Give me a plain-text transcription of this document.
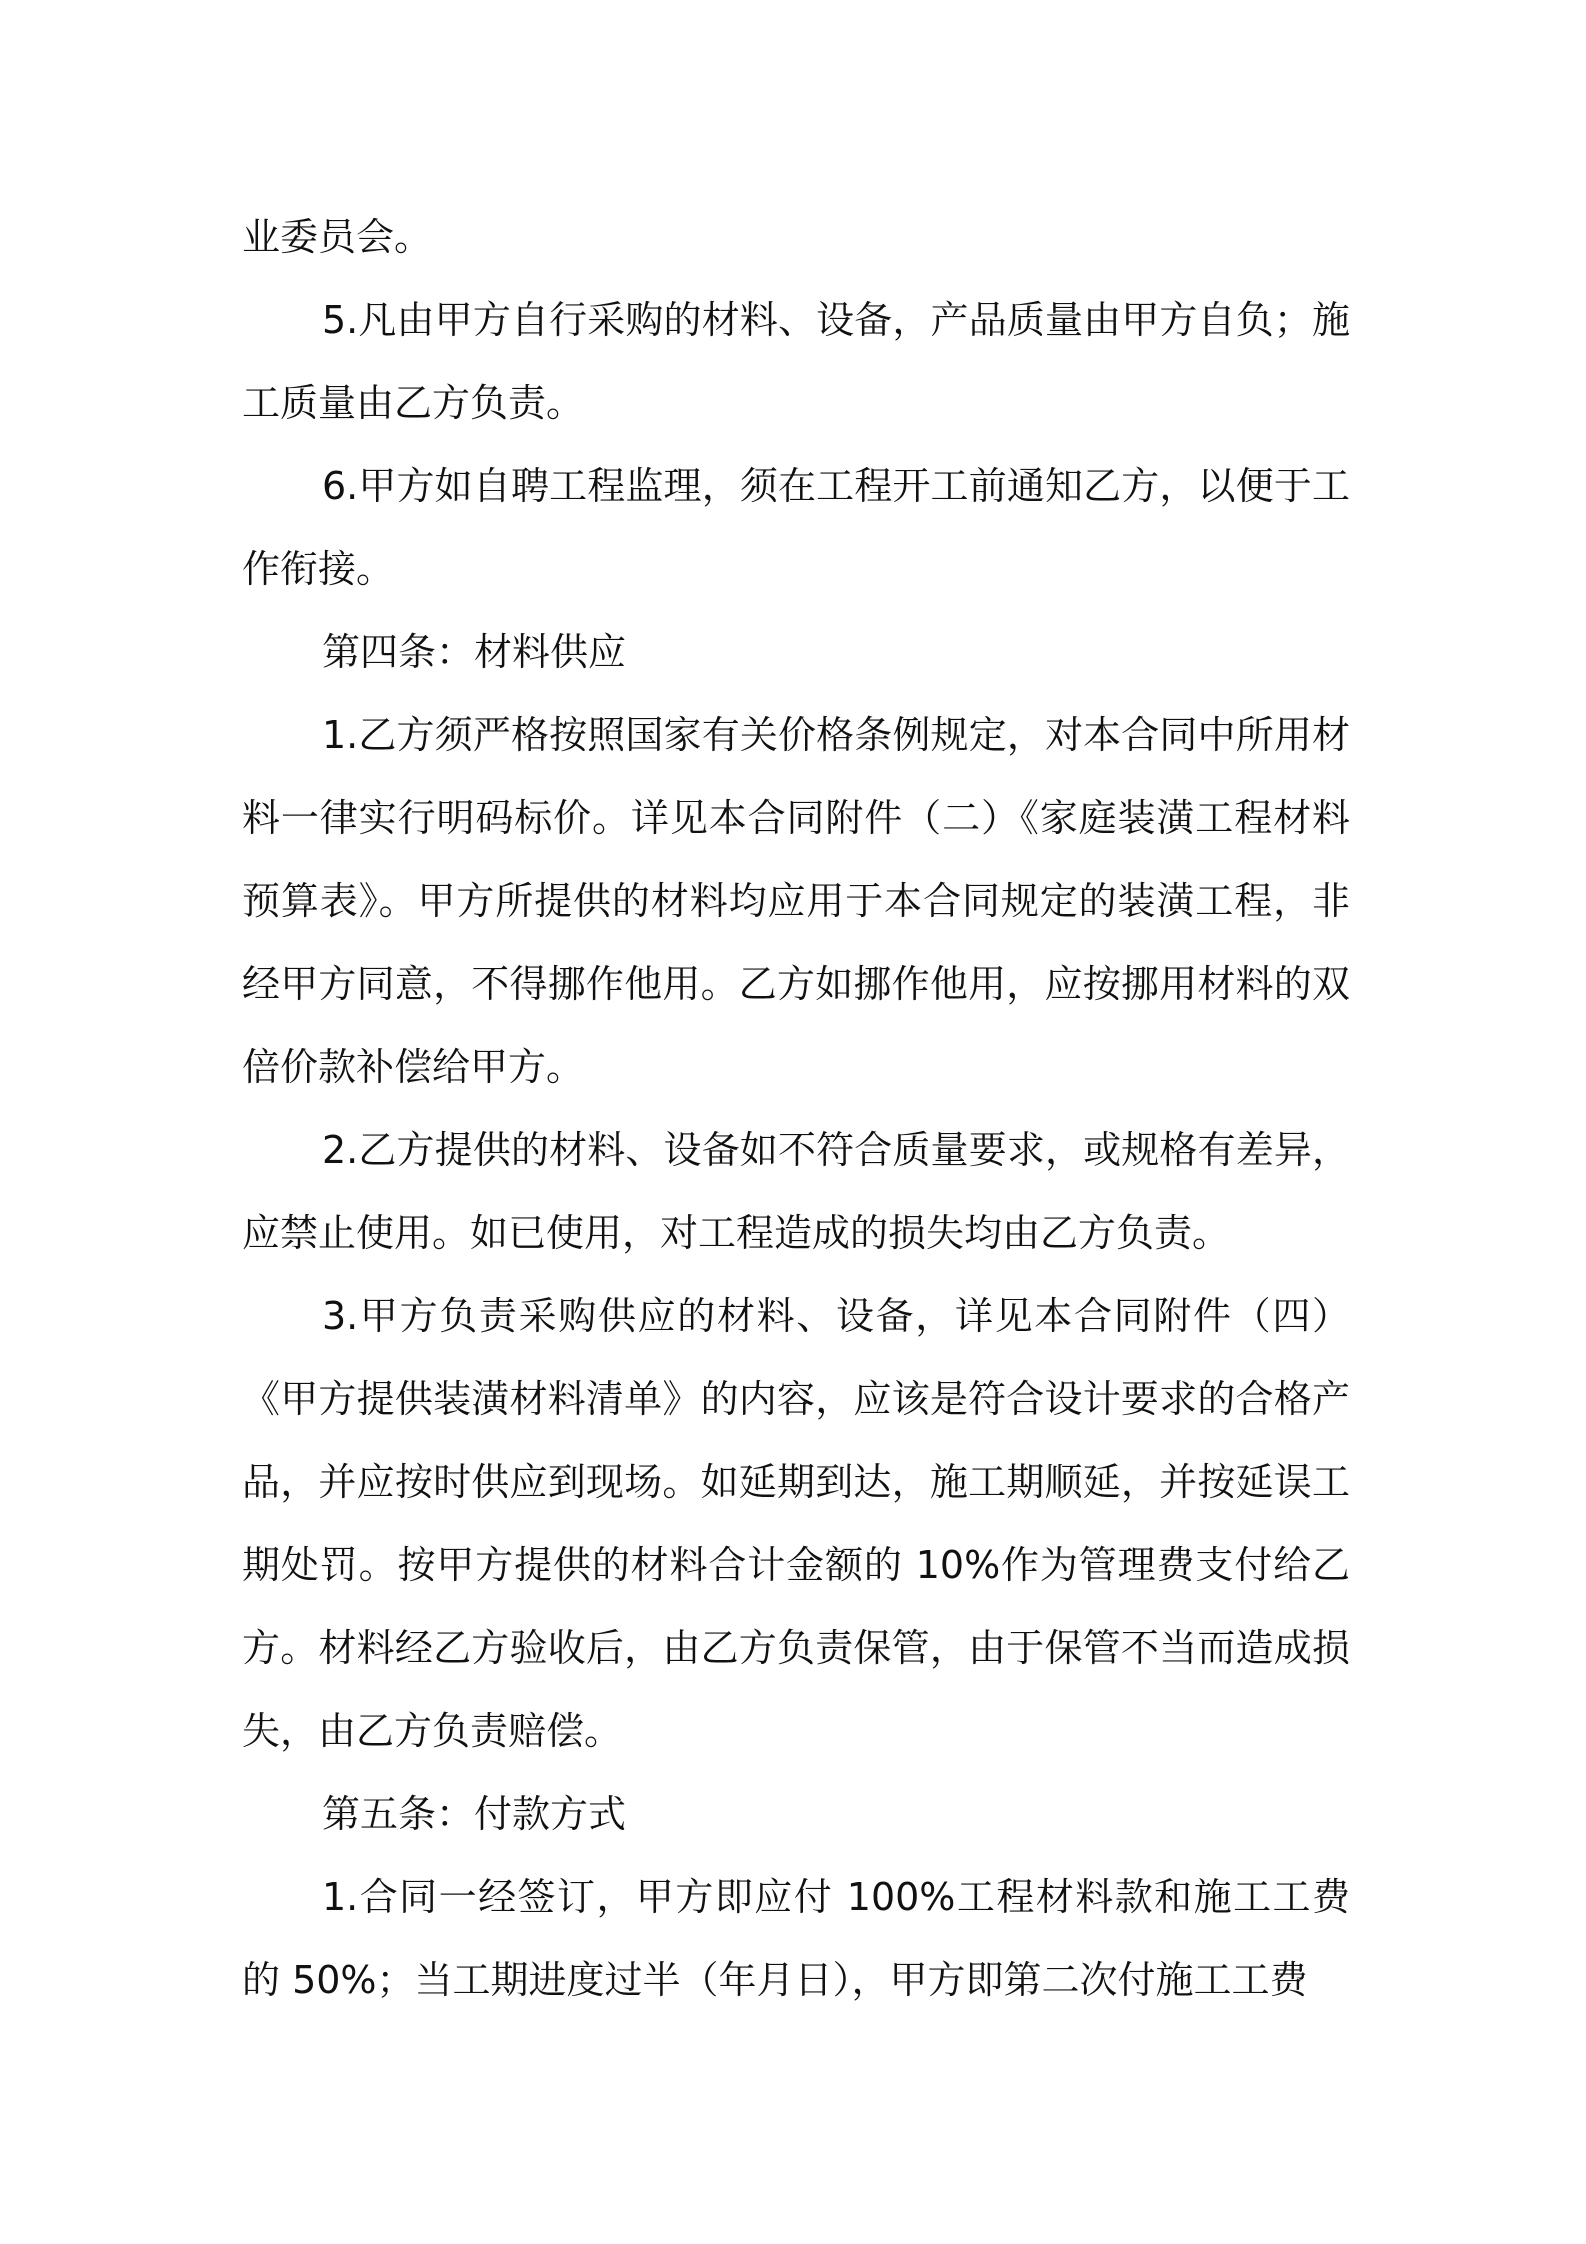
业委员会。

5.凡由甲方自行采购的材料、设备，产品质量由甲方自负；施工质量由乙方负责。

6.甲方如自聘工程监理，须在工程开工前通知乙方，以便于工作衔接。

第四条：材料供应

1.乙方须严格按照国家有关价格条例规定，对本合同中所用材料一律实行明码标价。详见本合同附件（二）《家庭装潢工程材料预算表》。甲方所提供的材料均应用于本合同规定的装潢工程，非经甲方同意，不得挪作他用。乙方如挪作他用，应按挪用材料的双倍价款补偿给甲方。

2.乙方提供的材料、设备如不符合质量要求，或规格有差异，应禁止使用。如已使用，对工程造成的损失均由乙方负责。

3.甲方负责采购供应的材料、设备，详见本合同附件（四）《甲方提供装潢材料清单》的内容，应该是符合设计要求的合格产品，并应按时供应到现场。如延期到达，施工期顺延，并按延误工期处罚。按甲方提供的材料合计金额的 10%作为管理费支付给乙方。材料经乙方验收后，由乙方负责保管，由于保管不当而造成损失，由乙方负责赔偿。

第五条：付款方式

1.合同一经签订，甲方即应付 100%工程材料款和施工工费的 50%；当工期进度过半（年月日），甲方即第二次付施工工费
